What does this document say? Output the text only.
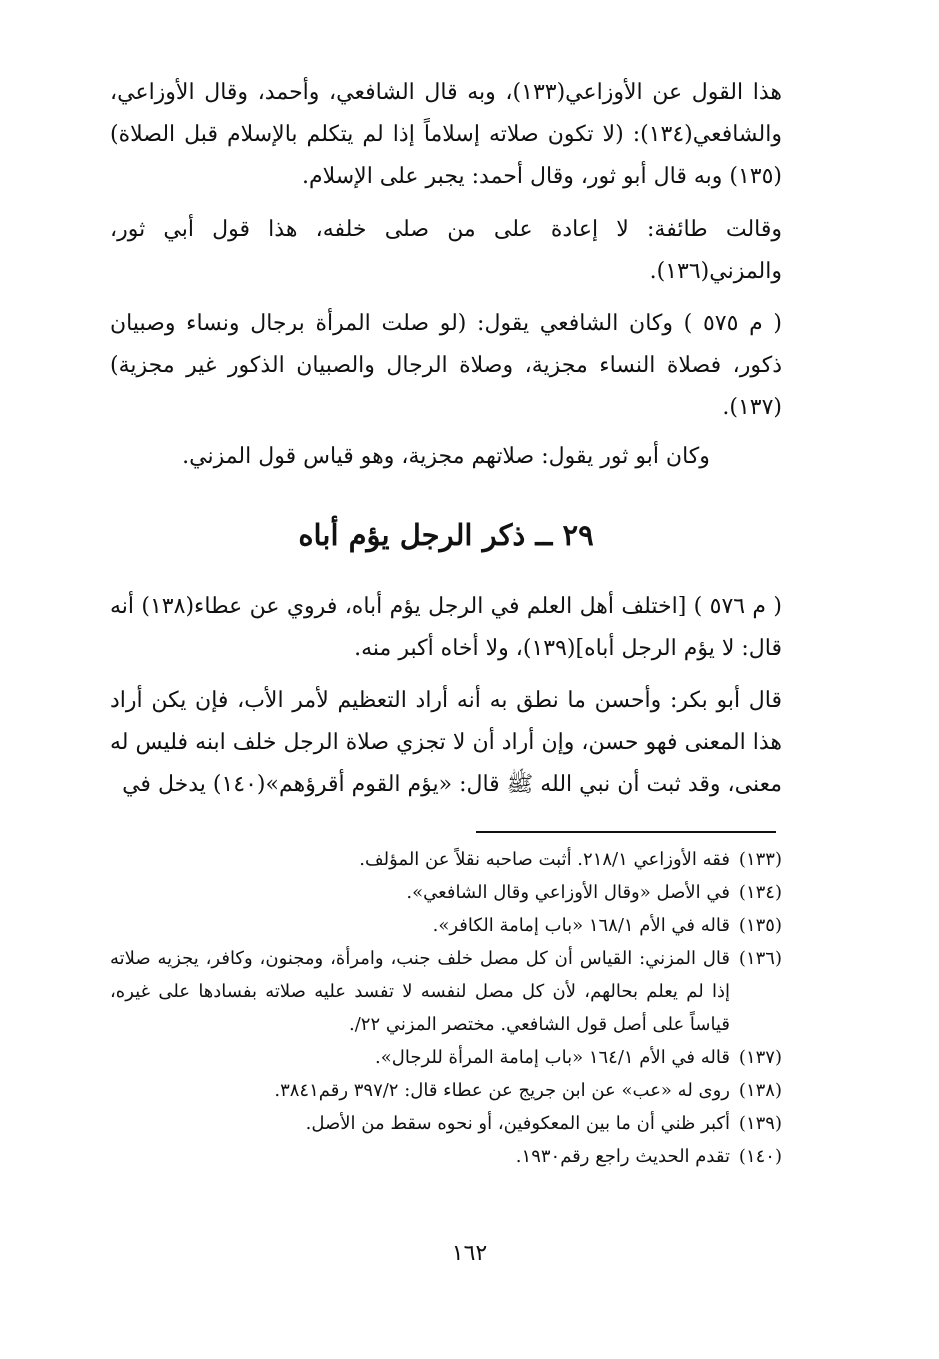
هذا القول عن الأوزاعي(١٣٣)، وبه قال الشافعي، وأحمد، وقال الأوزاعي، والشافعي(١٣٤): (لا تكون صلاته إسلاماً إذا لم يتكلم بالإسلام قبل الصلاة)(١٣٥) وبه قال أبو ثور، وقال أحمد: يجبر على الإسلام.

وقالت طائفة: لا إعادة على من صلى خلفه، هذا قول أبي ثور، والمزني(١٣٦).

( م ٥٧٥ ) وكان الشافعي يقول: (لو صلت المرأة برجال ونساء وصبيان ذكور، فصلاة النساء مجزية، وصلاة الرجال والصبيان الذكور غير مجزية)(١٣٧).

وكان أبو ثور يقول: صلاتهم مجزية، وهو قياس قول المزني.

٢٩ ــ ذكر الرجل يؤم أباه

( م ٥٧٦ ) [اختلف أهل العلم في الرجل يؤم أباه، فروي عن عطاء(١٣٨) أنه قال: لا يؤم الرجل أباه](١٣٩)، ولا أخاه أكبر منه.

قال أبو بكر: وأحسن ما نطق به أنه أراد التعظيم لأمر الأب، فإن يكن أراد هذا المعنى فهو حسن، وإن أراد أن لا تجزي صلاة الرجل خلف ابنه فليس له معنى، وقد ثبت أن نبي الله ﷺ قال: «يؤم القوم أقرؤهم»(١٤٠) يدخل في

(١٣٣)
فقه الأوزاعي ٢١٨/١. أثبت صاحبه نقلاً عن المؤلف.
(١٣٤)
في الأصل «وقال الأوزاعي وقال الشافعي».
(١٣٥)
قاله في الأم ١٦٨/١ «باب إمامة الكافر».
(١٣٦)
قال المزني: القياس أن كل مصل خلف جنب، وامرأة، ومجنون، وكافر، يجزيه صلاته إذا لم يعلم بحالهم، لأن كل مصل لنفسه لا تفسد عليه صلاته بفسادها على غيره، قياساً على أصل قول الشافعي. مختصر المزني ٢٢/.
(١٣٧)
قاله في الأم ١٦٤/١ «باب إمامة المرأة للرجال».
(١٣٨)
روى له «عب» عن ابن جريج عن عطاء قال: ٣٩٧/٢ رقم٣٨٤١.
(١٣٩)
أكبر ظني أن ما بين المعكوفين، أو نحوه سقط من الأصل.
(١٤٠)
تقدم الحديث راجع رقم١٩٣٠.
١٦٢
